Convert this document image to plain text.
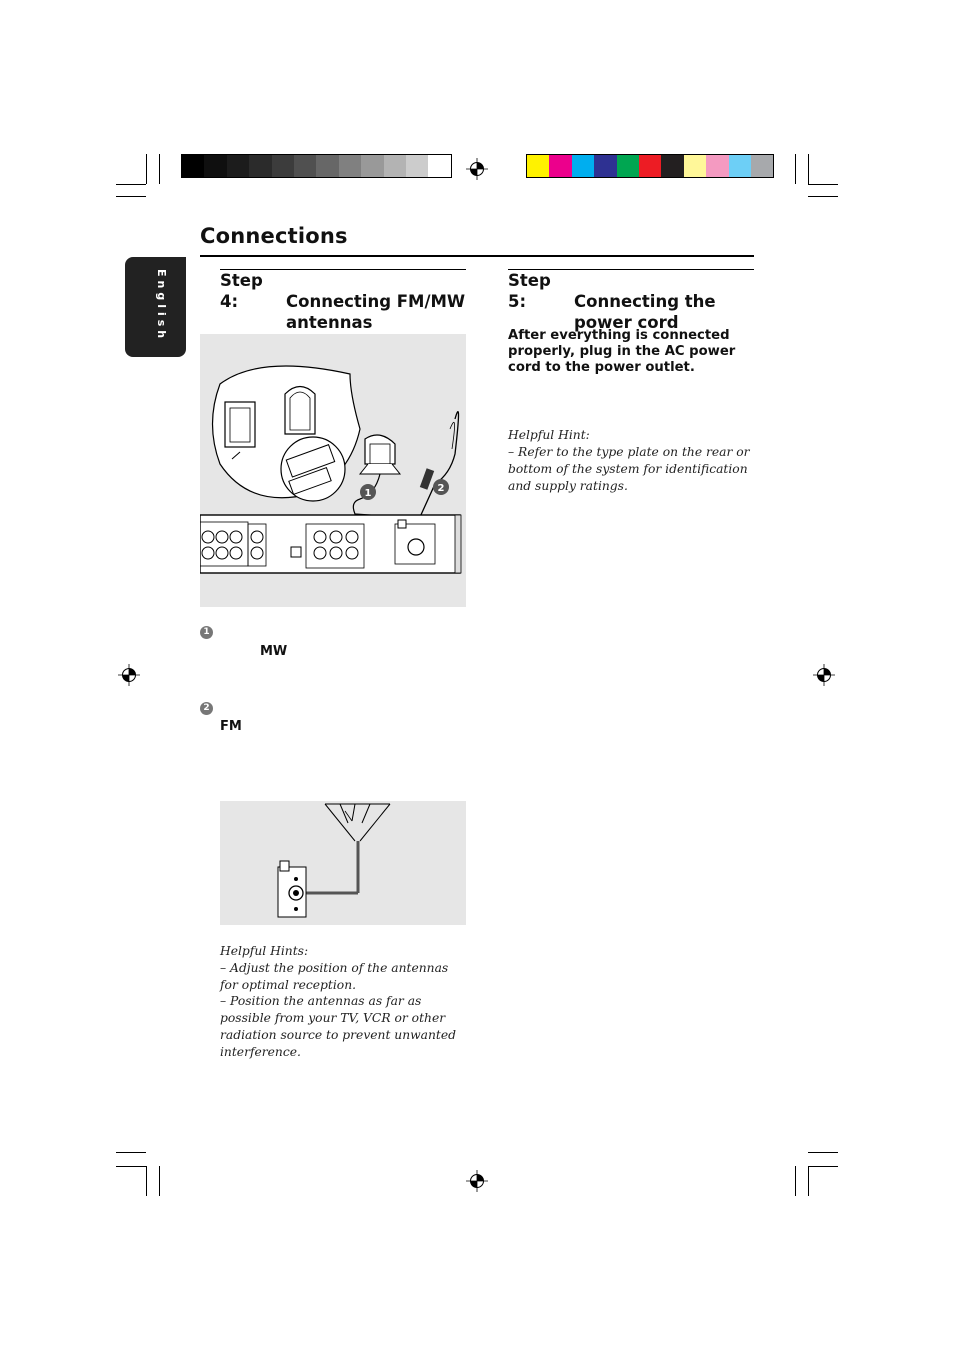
Connections
English	Step 4:	Connecting FM/MW
antennas
Step 5:	Connecting the
power cord
After everything is connected properly, plug in the AC power cord to the power outlet.
Helpful Hint:
– Refer to the type plate on the rear or bottom of the system for identification and supply ratings.
1	2
1
MW
2
FM
Helpful Hints:
– Adjust the position of the antennas for optimal reception.
– Position the antennas as far as possible from your TV, VCR or other radiation source to prevent unwanted interference.
